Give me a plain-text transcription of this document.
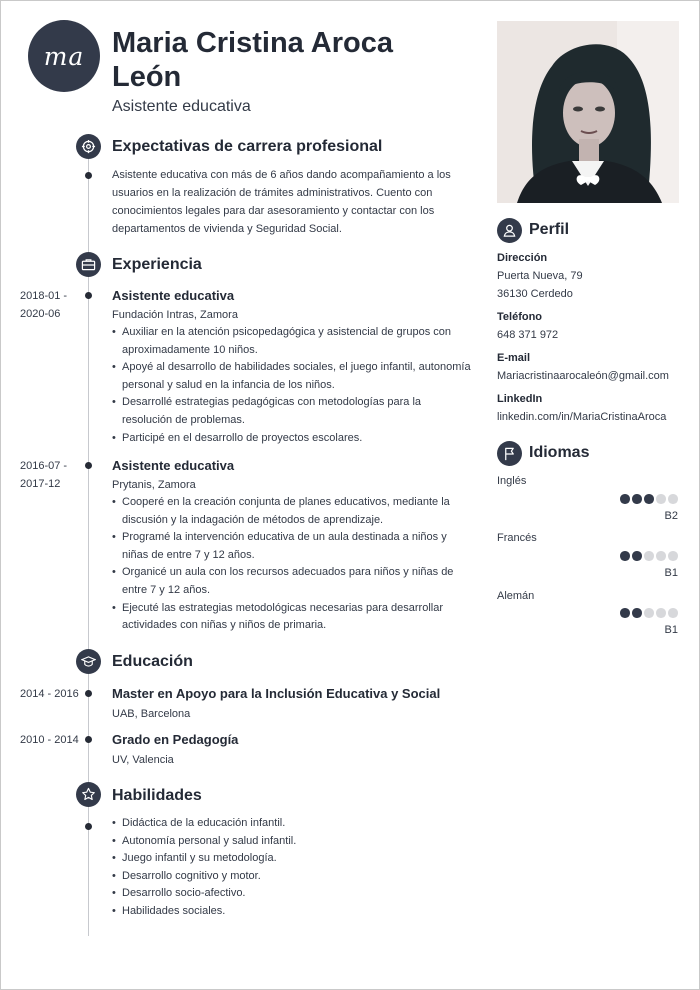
ma Maria Cristina Aroca León
Asistente educativa
Expectativas de carrera profesional
Asistente educativa con más de 6 años dando acompañamiento a los usuarios en la realización de trámites administrativos. Cuento con conocimientos legales para dar asesoramiento y contactar con los departamentos de vivienda y Seguridad Social.
Experiencia
2018-01 - 2020-06
Asistente educativa
Fundación Intras, Zamora
• Auxiliar en la atención psicopedagógica y asistencial de grupos con aproximadamente 10 niños.
• Apoyé al desarrollo de habilidades sociales, el juego infantil, autonomía personal y salud en la infancia de los niños.
• Desarrollé estrategias pedagógicas con metodologías para la resolución de problemas.
• Participé en el desarrollo de proyectos escolares.
2016-07 - 2017-12
Asistente educativa
Prytanis, Zamora
• Cooperé en la creación conjunta de planes educativos, mediante la discusión y la indagación de métodos de aprendizaje.
• Programé la intervención educativa de un aula destinada a niños y niñas de entre 7 y 12 años.
• Organicé un aula con los recursos adecuados para niños y niñas de entre 7 y 12 años.
• Ejecuté las estrategias metodológicas necesarias para desarrollar actividades con niñas y niños de primaria.
Educación
2014 - 2016	Master en Apoyo para la Inclusión Educativa y Social
UAB, Barcelona
2010 - 2014	Grado en Pedagogía
UV, Valencia
Habilidades
• Didáctica de la educación infantil.
• Autonomía personal y salud infantil.
• Juego infantil y su metodología.
• Desarrollo cognitivo y motor.
• Desarrollo socio-afectivo.
• Habilidades sociales.
Perfil
Dirección
Puerta Nueva, 79
36130 Cerdedo
Teléfono
648 371 972
E-mail
Mariacristinaarocaleón@gmail.com
LinkedIn
linkedin.com/in/MariaCristinaAroca
Idiomas
Inglés
B2
Francés
B1
Alemán
B1
